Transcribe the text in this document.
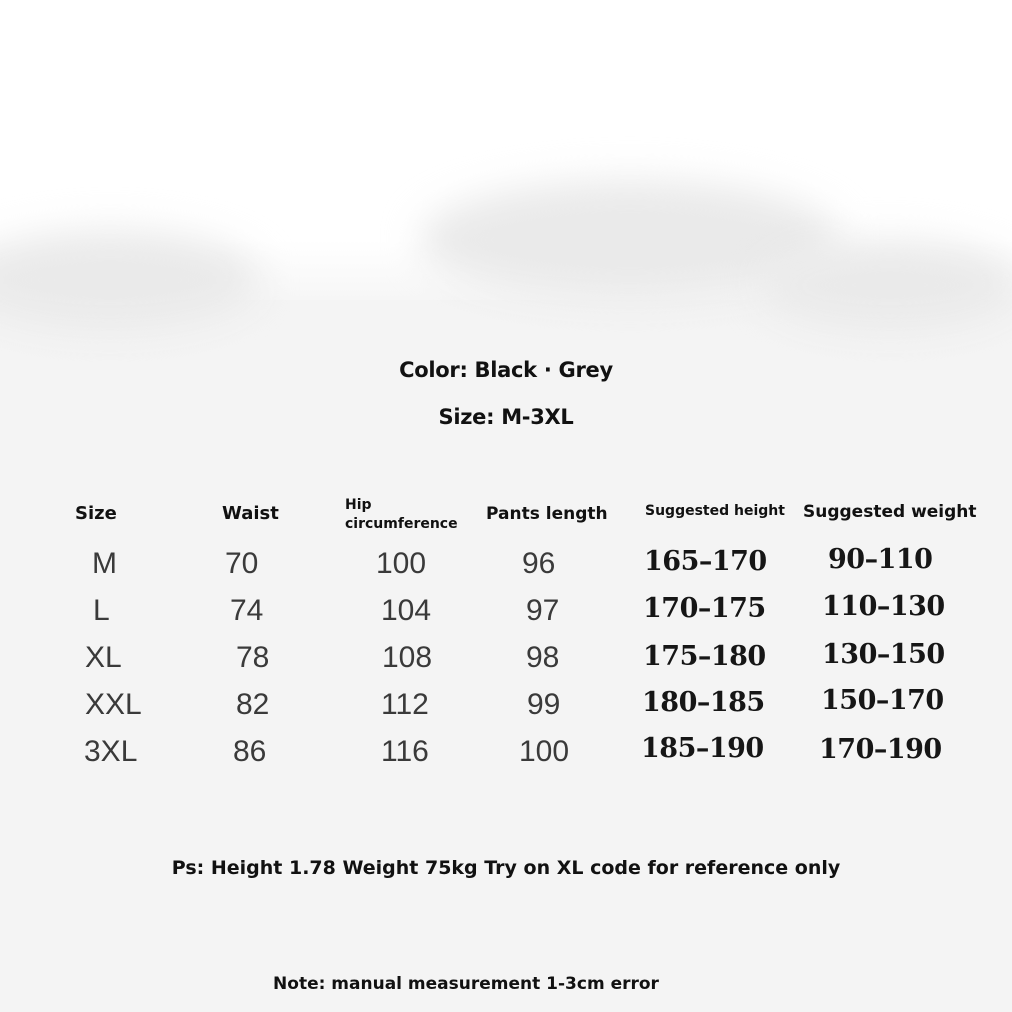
Color: Black · Grey
Size: M-3XL
Size	Waist	Hip circumference	Pants length	Suggested height Suggested weight
M	70	100	96	165–170 90–110
L	74	104	97	170–175 110–130
XL	78	108	98	175–180 130–150
XXL	82	112	99	180–185 150–170
3XL	86	116	100	185–190 170–190
Ps: Height 1.78 Weight 75kg Try on XL code for reference only
Note: manual measurement 1-3cm error
